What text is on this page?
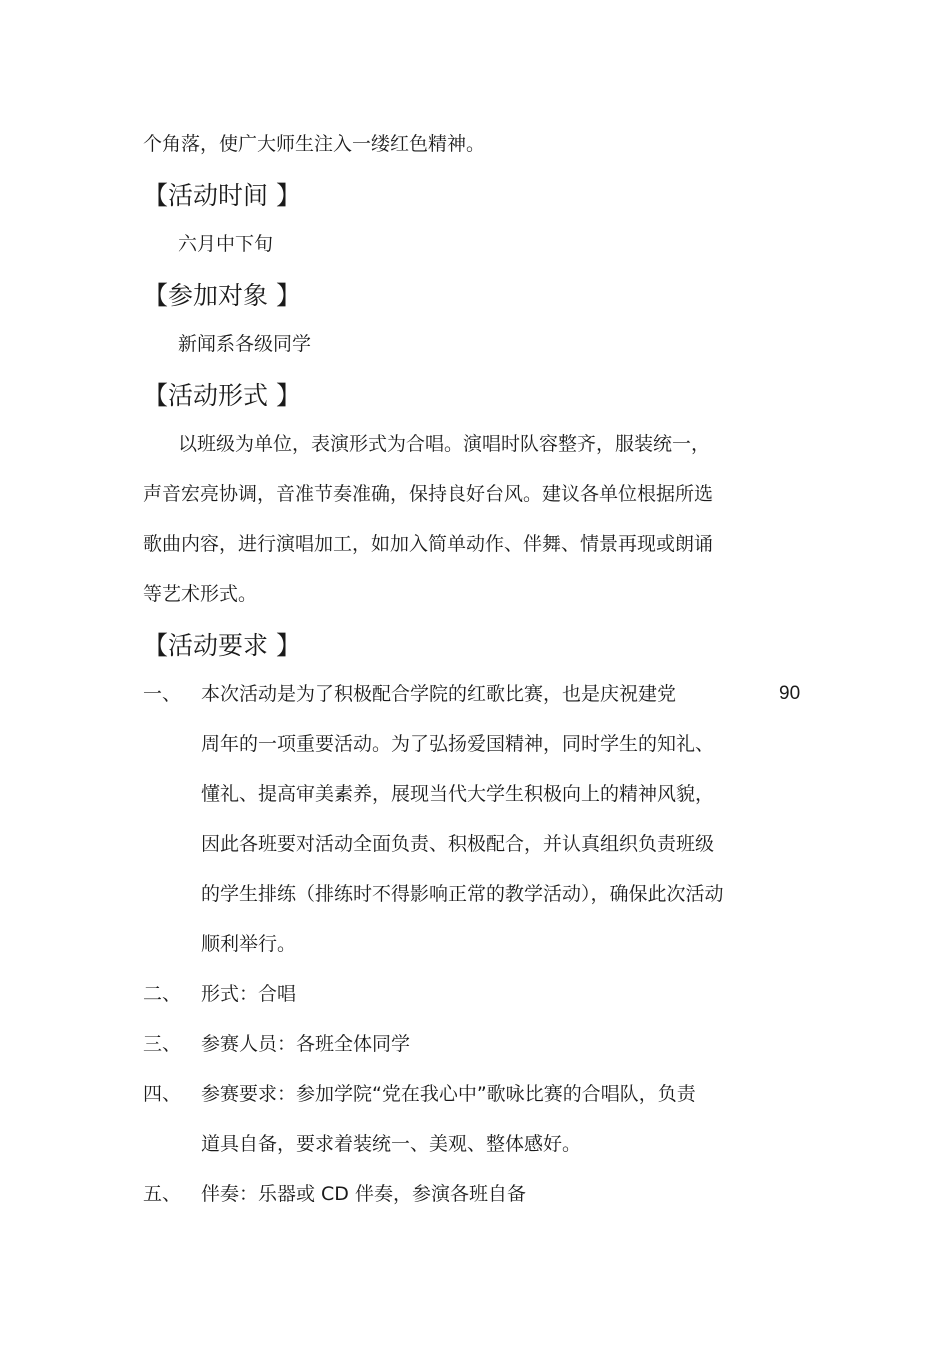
个角落，使广大师生注入一缕红色精神。
【活动时间 】
六月中下旬
【参加对象 】
新闻系各级同学
【活动形式 】
以班级为单位，表演形式为合唱。演唱时队容整齐，服装统一，
声音宏亮协调，音准节奏准确，保持良好台风。建议各单位根据所选
歌曲内容，进行演唱加工，如加入简单动作、伴舞、情景再现或朗诵
等艺术形式。
【活动要求 】
一、 本次活动是为了积极配合学院的红歌比赛，也是庆祝建党	90
周年的一项重要活动。为了弘扬爱国精神，同时学生的知礼、
懂礼、提高审美素养，展现当代大学生积极向上的精神风貌，
因此各班要对活动全面负责、积极配合，并认真组织负责班级
的学生排练（排练时不得影响正常的教学活动），确保此次活动
顺利举行。
二、 形式：合唱
三、 参赛人员：各班全体同学
四、 参赛要求：参加学院“党在我心中”歌咏比赛的合唱队，负责
道具自备，要求着装统一、美观、整体感好。
五、 伴奏：乐器或 CD 伴奏，参演各班自备
